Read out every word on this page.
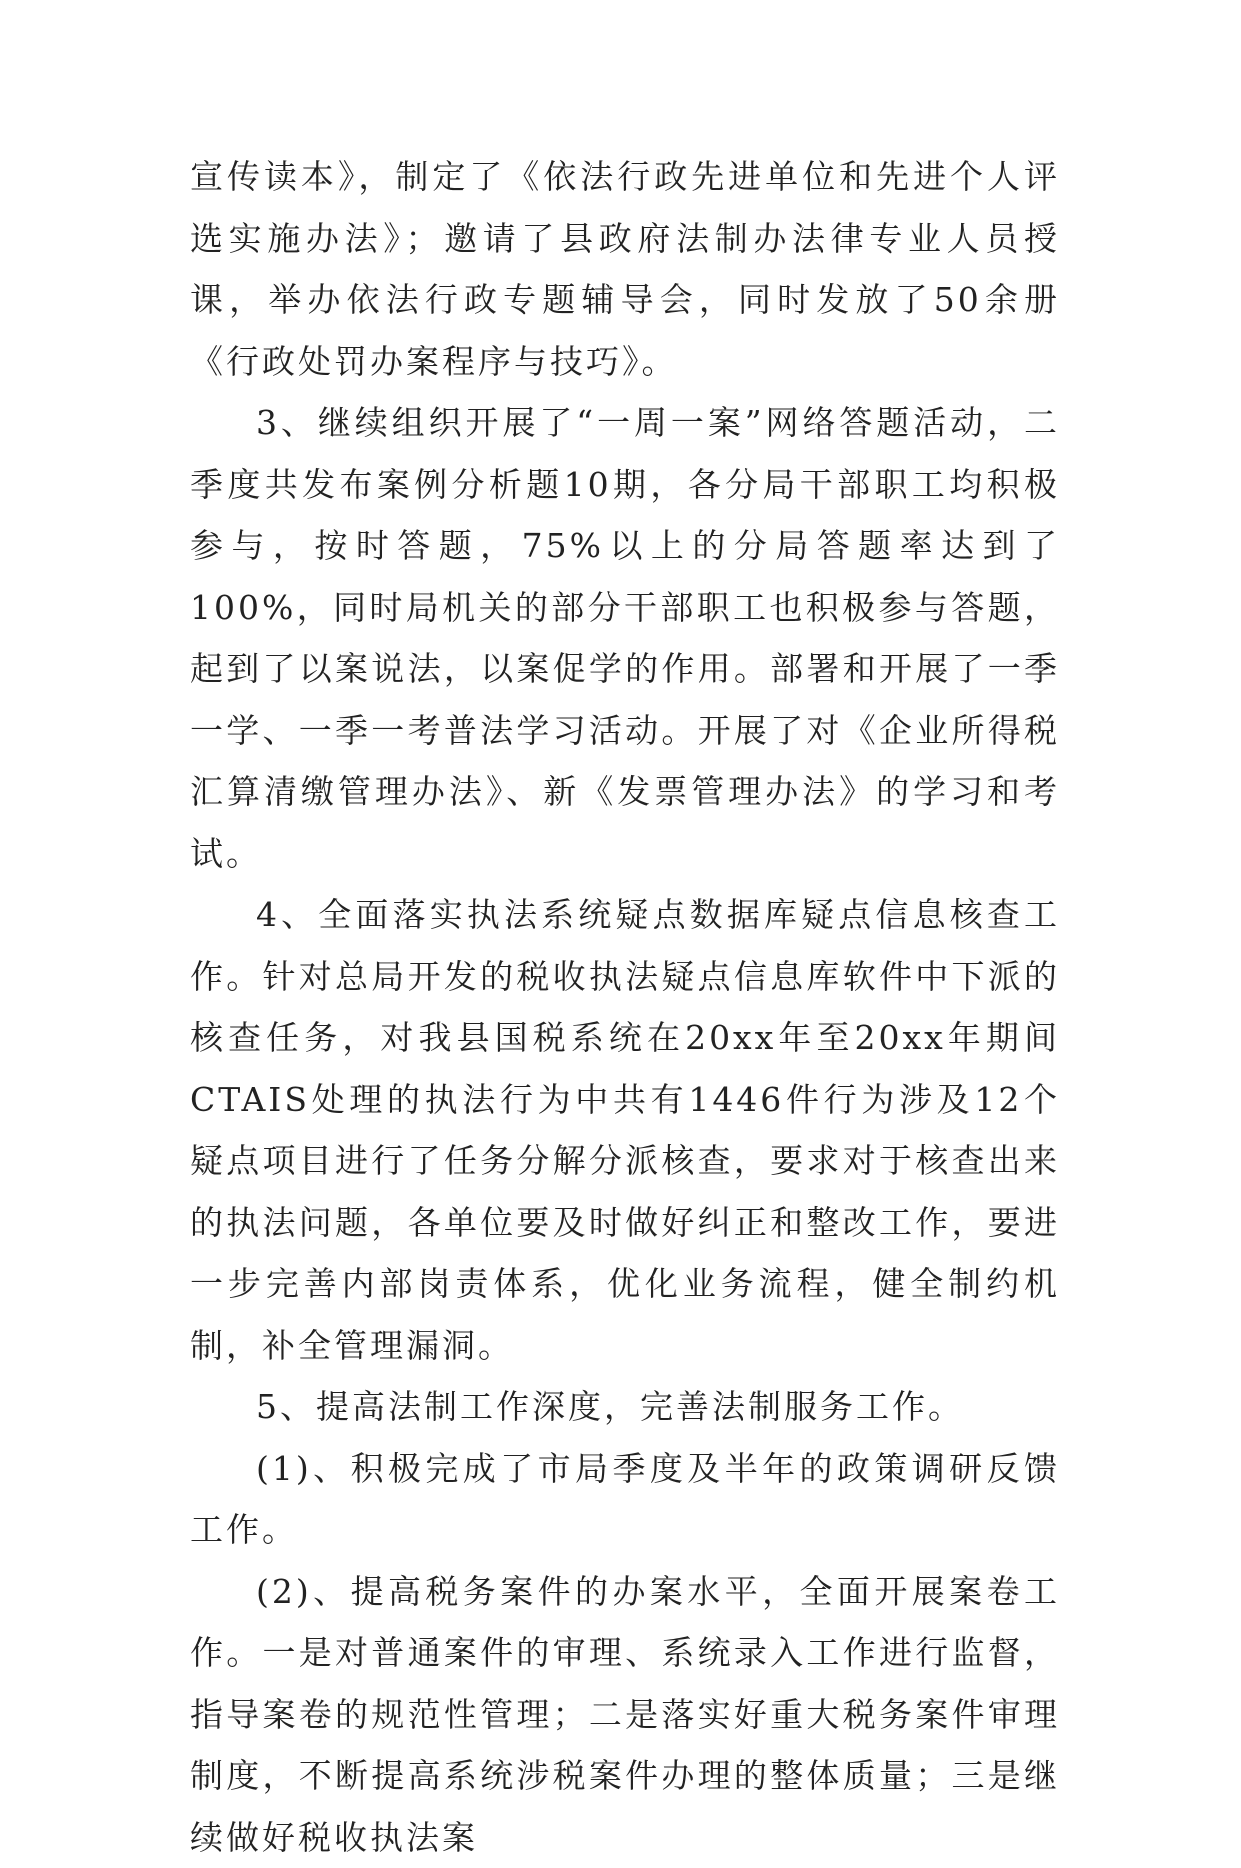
宣传读本》，制定了《依法行政先进单位和先进个人评选实施办法》；邀请了县政府法制办法律专业人员授课，举办依法行政专题辅导会，同时发放了50余册《行政处罚办案程序与技巧》。

3、继续组织开展了“一周一案”网络答题活动，二季度共发布案例分析题10期，各分局干部职工均积极参与，按时答题，75%以上的分局答题率达到了100%，同时局机关的部分干部职工也积极参与答题，起到了以案说法，以案促学的作用。部署和开展了一季一学、一季一考普法学习活动。开展了对《企业所得税汇算清缴管理办法》、新《发票管理办法》的学习和考试。

4、全面落实执法系统疑点数据库疑点信息核查工作。针对总局开发的税收执法疑点信息库软件中下派的核查任务，对我县国税系统在20xx年至20xx年期间CTAIS处理的执法行为中共有1446件行为涉及12个疑点项目进行了任务分解分派核查，要求对于核查出来的执法问题，各单位要及时做好纠正和整改工作，要进一步完善内部岗责体系，优化业务流程，健全制约机制，补全管理漏洞。

5、提高法制工作深度，完善法制服务工作。

(1)、积极完成了市局季度及半年的政策调研反馈工作。

(2)、提高税务案件的办案水平，全面开展案卷工作。一是对普通案件的审理、系统录入工作进行监督，指导案卷的规范性管理；二是落实好重大税务案件审理制度，不断提高系统涉税案件办理的整体质量；三是继续做好税收执法案
